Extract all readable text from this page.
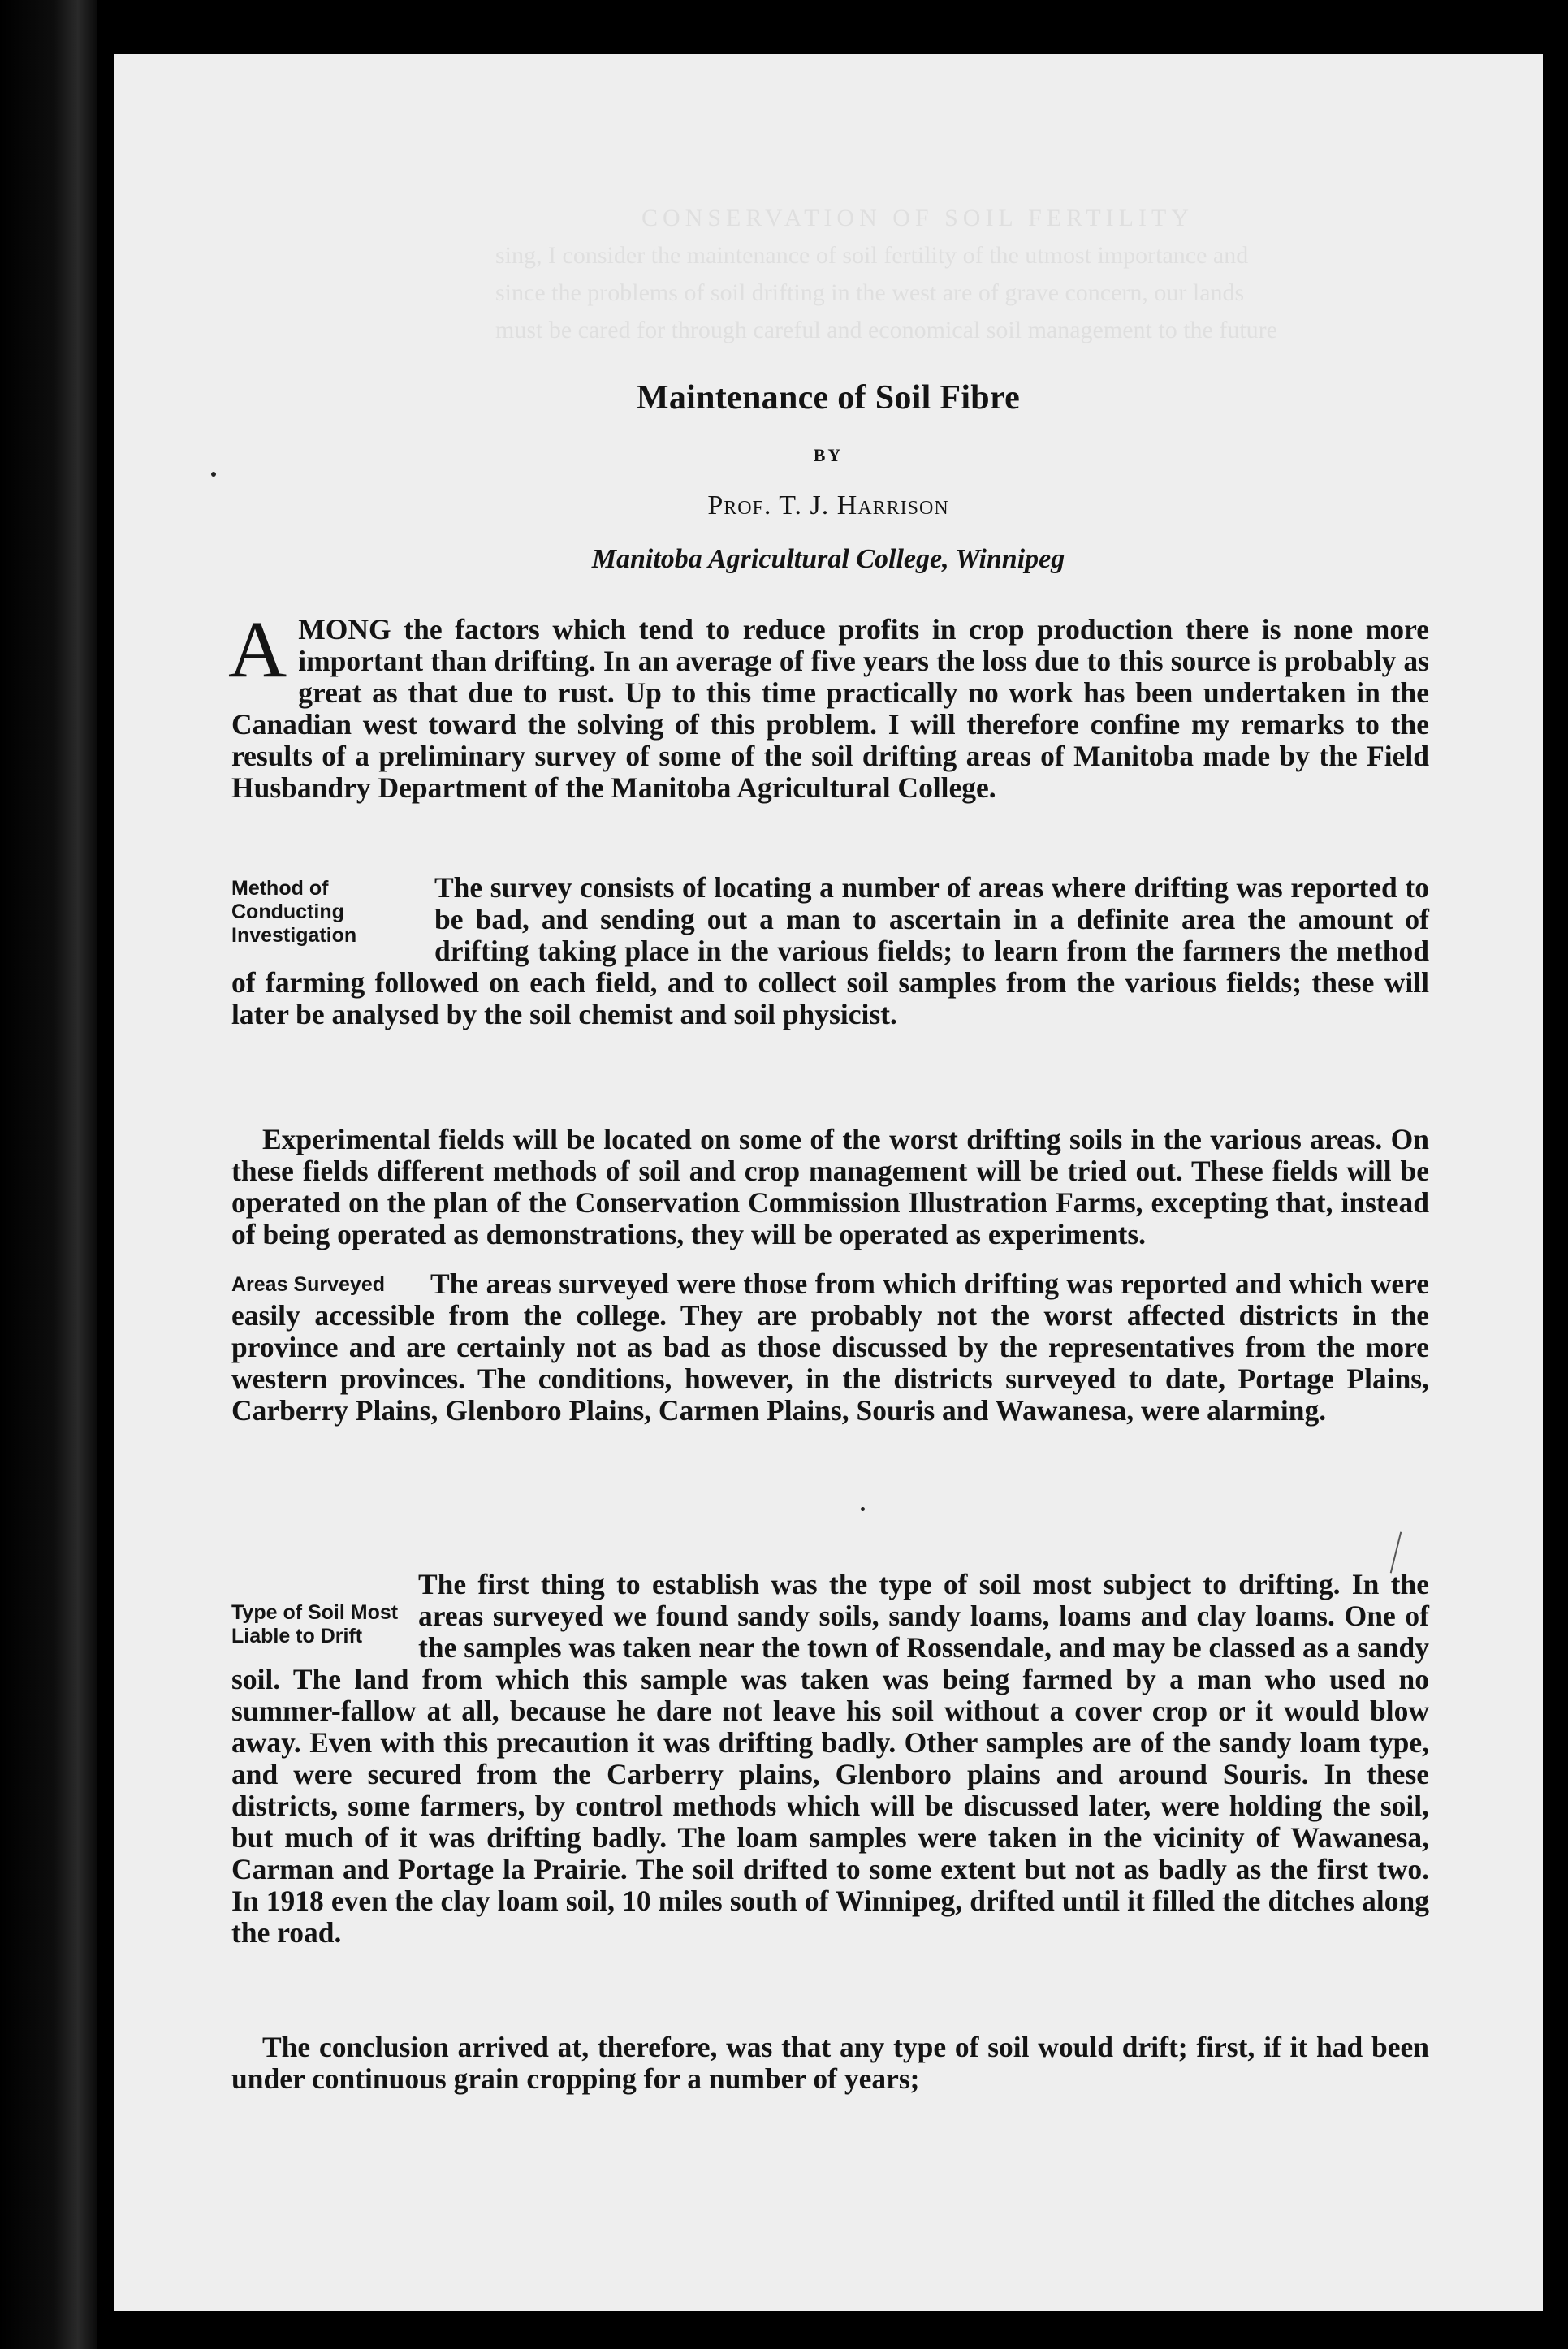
CONSERVATION OF SOIL FERTILITY
sing, I consider the maintenance of soil fertility of the utmost importance and
since the problems of soil drifting in the west are of grave concern, our lands
must be cared for through careful and economical soil management to the future
Maintenance of Soil Fibre
BY
Prof. T. J. Harrison
Manitoba Agricultural College, Winnipeg
AMONG the factors which tend to reduce profits in crop production there is none more important than drifting. In an average of five years the loss due to this source is probably as great as that due to rust. Up to this time practically no work has been undertaken in the Canadian west toward the solving of this problem. I will therefore confine my remarks to the results of a preliminary survey of some of the soil drifting areas of Manitoba made by the Field Husbandry Department of the Manitoba Agricultural College.
Method of Conducting Investigation
The survey consists of locating a number of areas where drifting was reported to be bad, and sending out a man to ascertain in a definite area the amount of drifting taking place in the various fields; to learn from the farmers the method of farming followed on each field, and to collect soil samples from the various fields; these will later be analysed by the soil chemist and soil physicist.
Experimental fields will be located on some of the worst drifting soils in the various areas. On these fields different methods of soil and crop management will be tried out. These fields will be operated on the plan of the Conservation Commission Illustration Farms, excepting that, instead of being operated as demonstrations, they will be operated as experiments.
Areas Surveyed	The areas surveyed were those from which drifting was reported and which were easily accessible from the college. They are probably not the worst affected districts in the province and are certainly not as bad as those discussed by the representatives from the more western provinces. The conditions, however, in the districts surveyed to date, Portage Plains, Carberry Plains, Glenboro Plains, Carmen Plains, Souris and Wawanesa, were alarming.
Type of Soil Most Liable to Drift
The first thing to establish was the type of soil most subject to drifting. In the areas surveyed we found sandy soils, sandy loams, loams and clay loams. One of the samples was taken near the town of Rossendale, and may be classed as a sandy soil. The land from which this sample was taken was being farmed by a man who used no summer-fallow at all, because he dare not leave his soil without a cover crop or it would blow away. Even with this precaution it was drifting badly. Other samples are of the sandy loam type, and were secured from the Carberry plains, Glenboro plains and around Souris. In these districts, some farmers, by control methods which will be discussed later, were holding the soil, but much of it was drifting badly. The loam samples were taken in the vicinity of Wawanesa, Carman and Portage la Prairie. The soil drifted to some extent but not as badly as the first two. In 1918 even the clay loam soil, 10 miles south of Winnipeg, drifted until it filled the ditches along the road.
The conclusion arrived at, therefore, was that any type of soil would drift; first, if it had been under continuous grain cropping for a number of years;
